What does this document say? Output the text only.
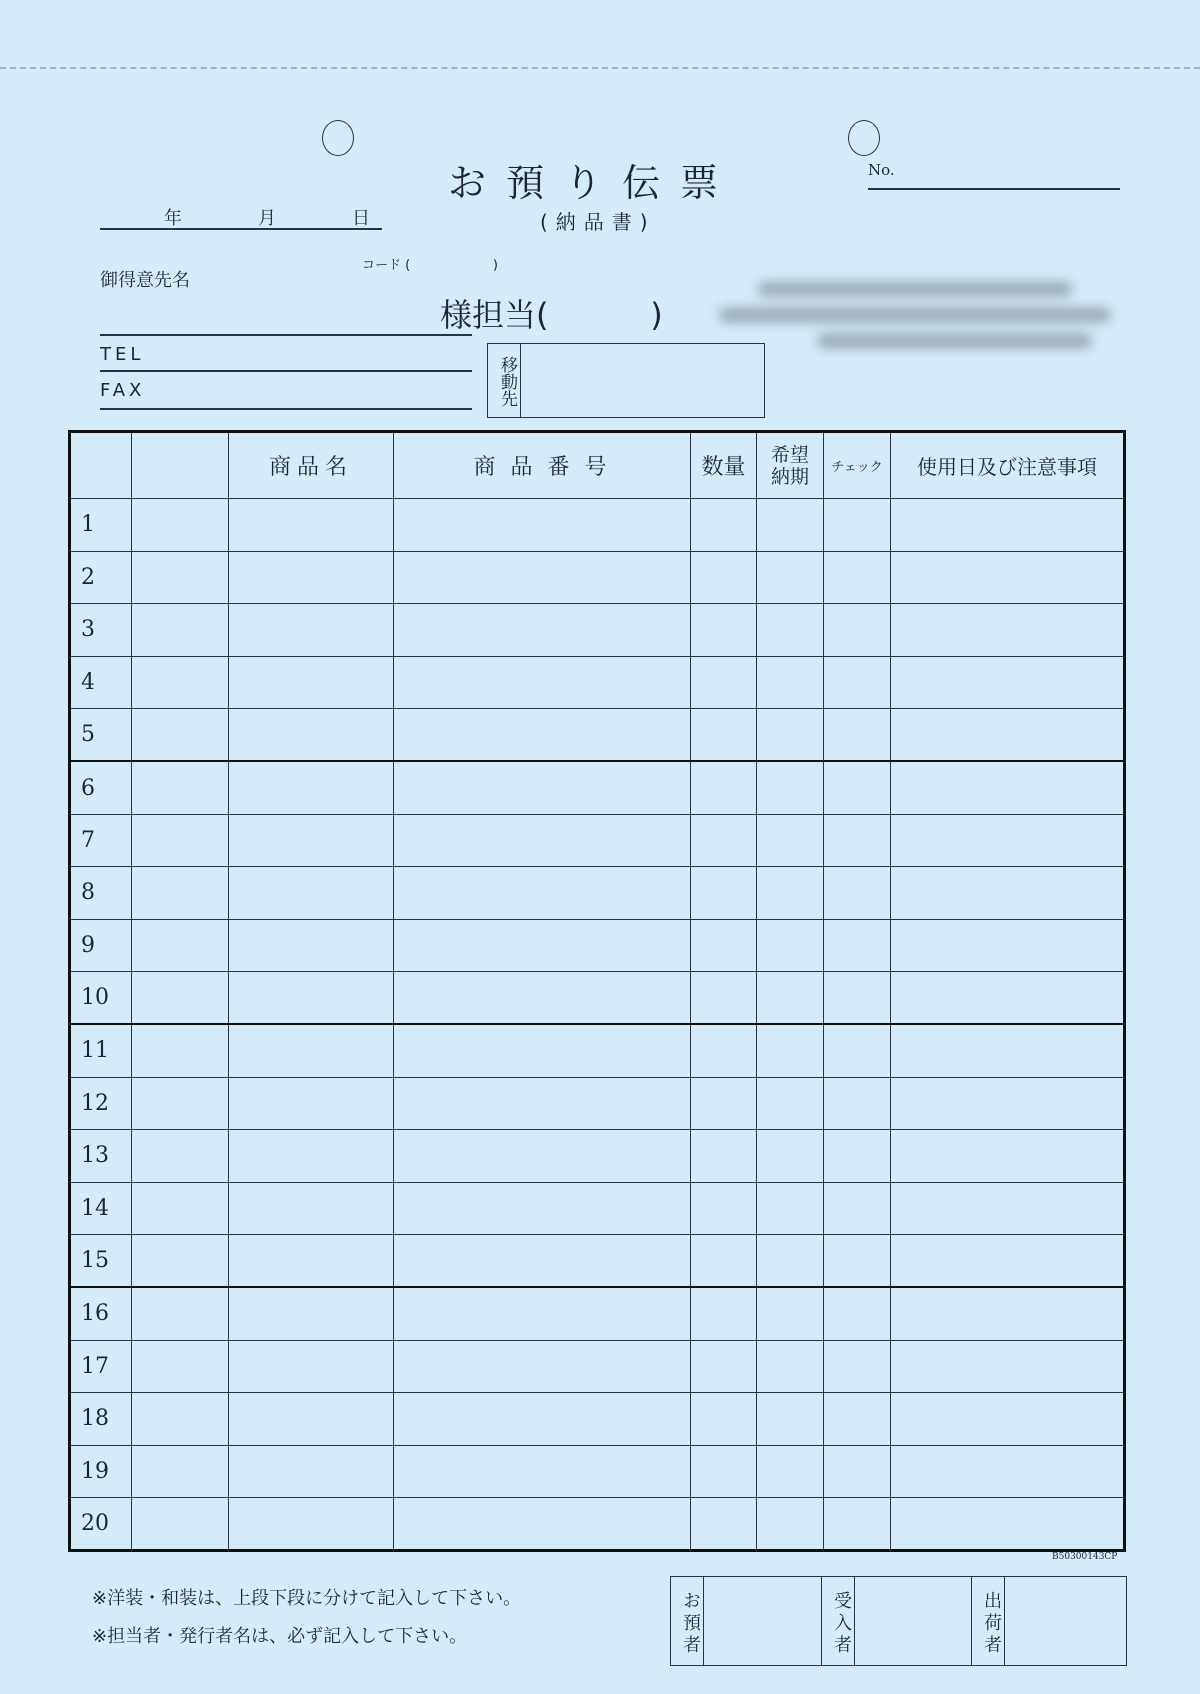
お預り伝票
(納品書)
No.
年	月	日
御得意先名
コード (                    )
様担当(          )
TEL
FAX	移動先
		商品名	商 品 番 号	数量	希望納期	チェック	使用日及び注意事項
1							
2							
3							
4							
5							
6							
7							
8							
9							
10							
11							
12							
13							
14							
15							
16							
17							
18							
19							
20							
B50300143CP
※洋装・和装は、上段下段に分けて記入して下さい。
※担当者・発行者名は、必ず記入して下さい。	お預者	受入者	出荷者
